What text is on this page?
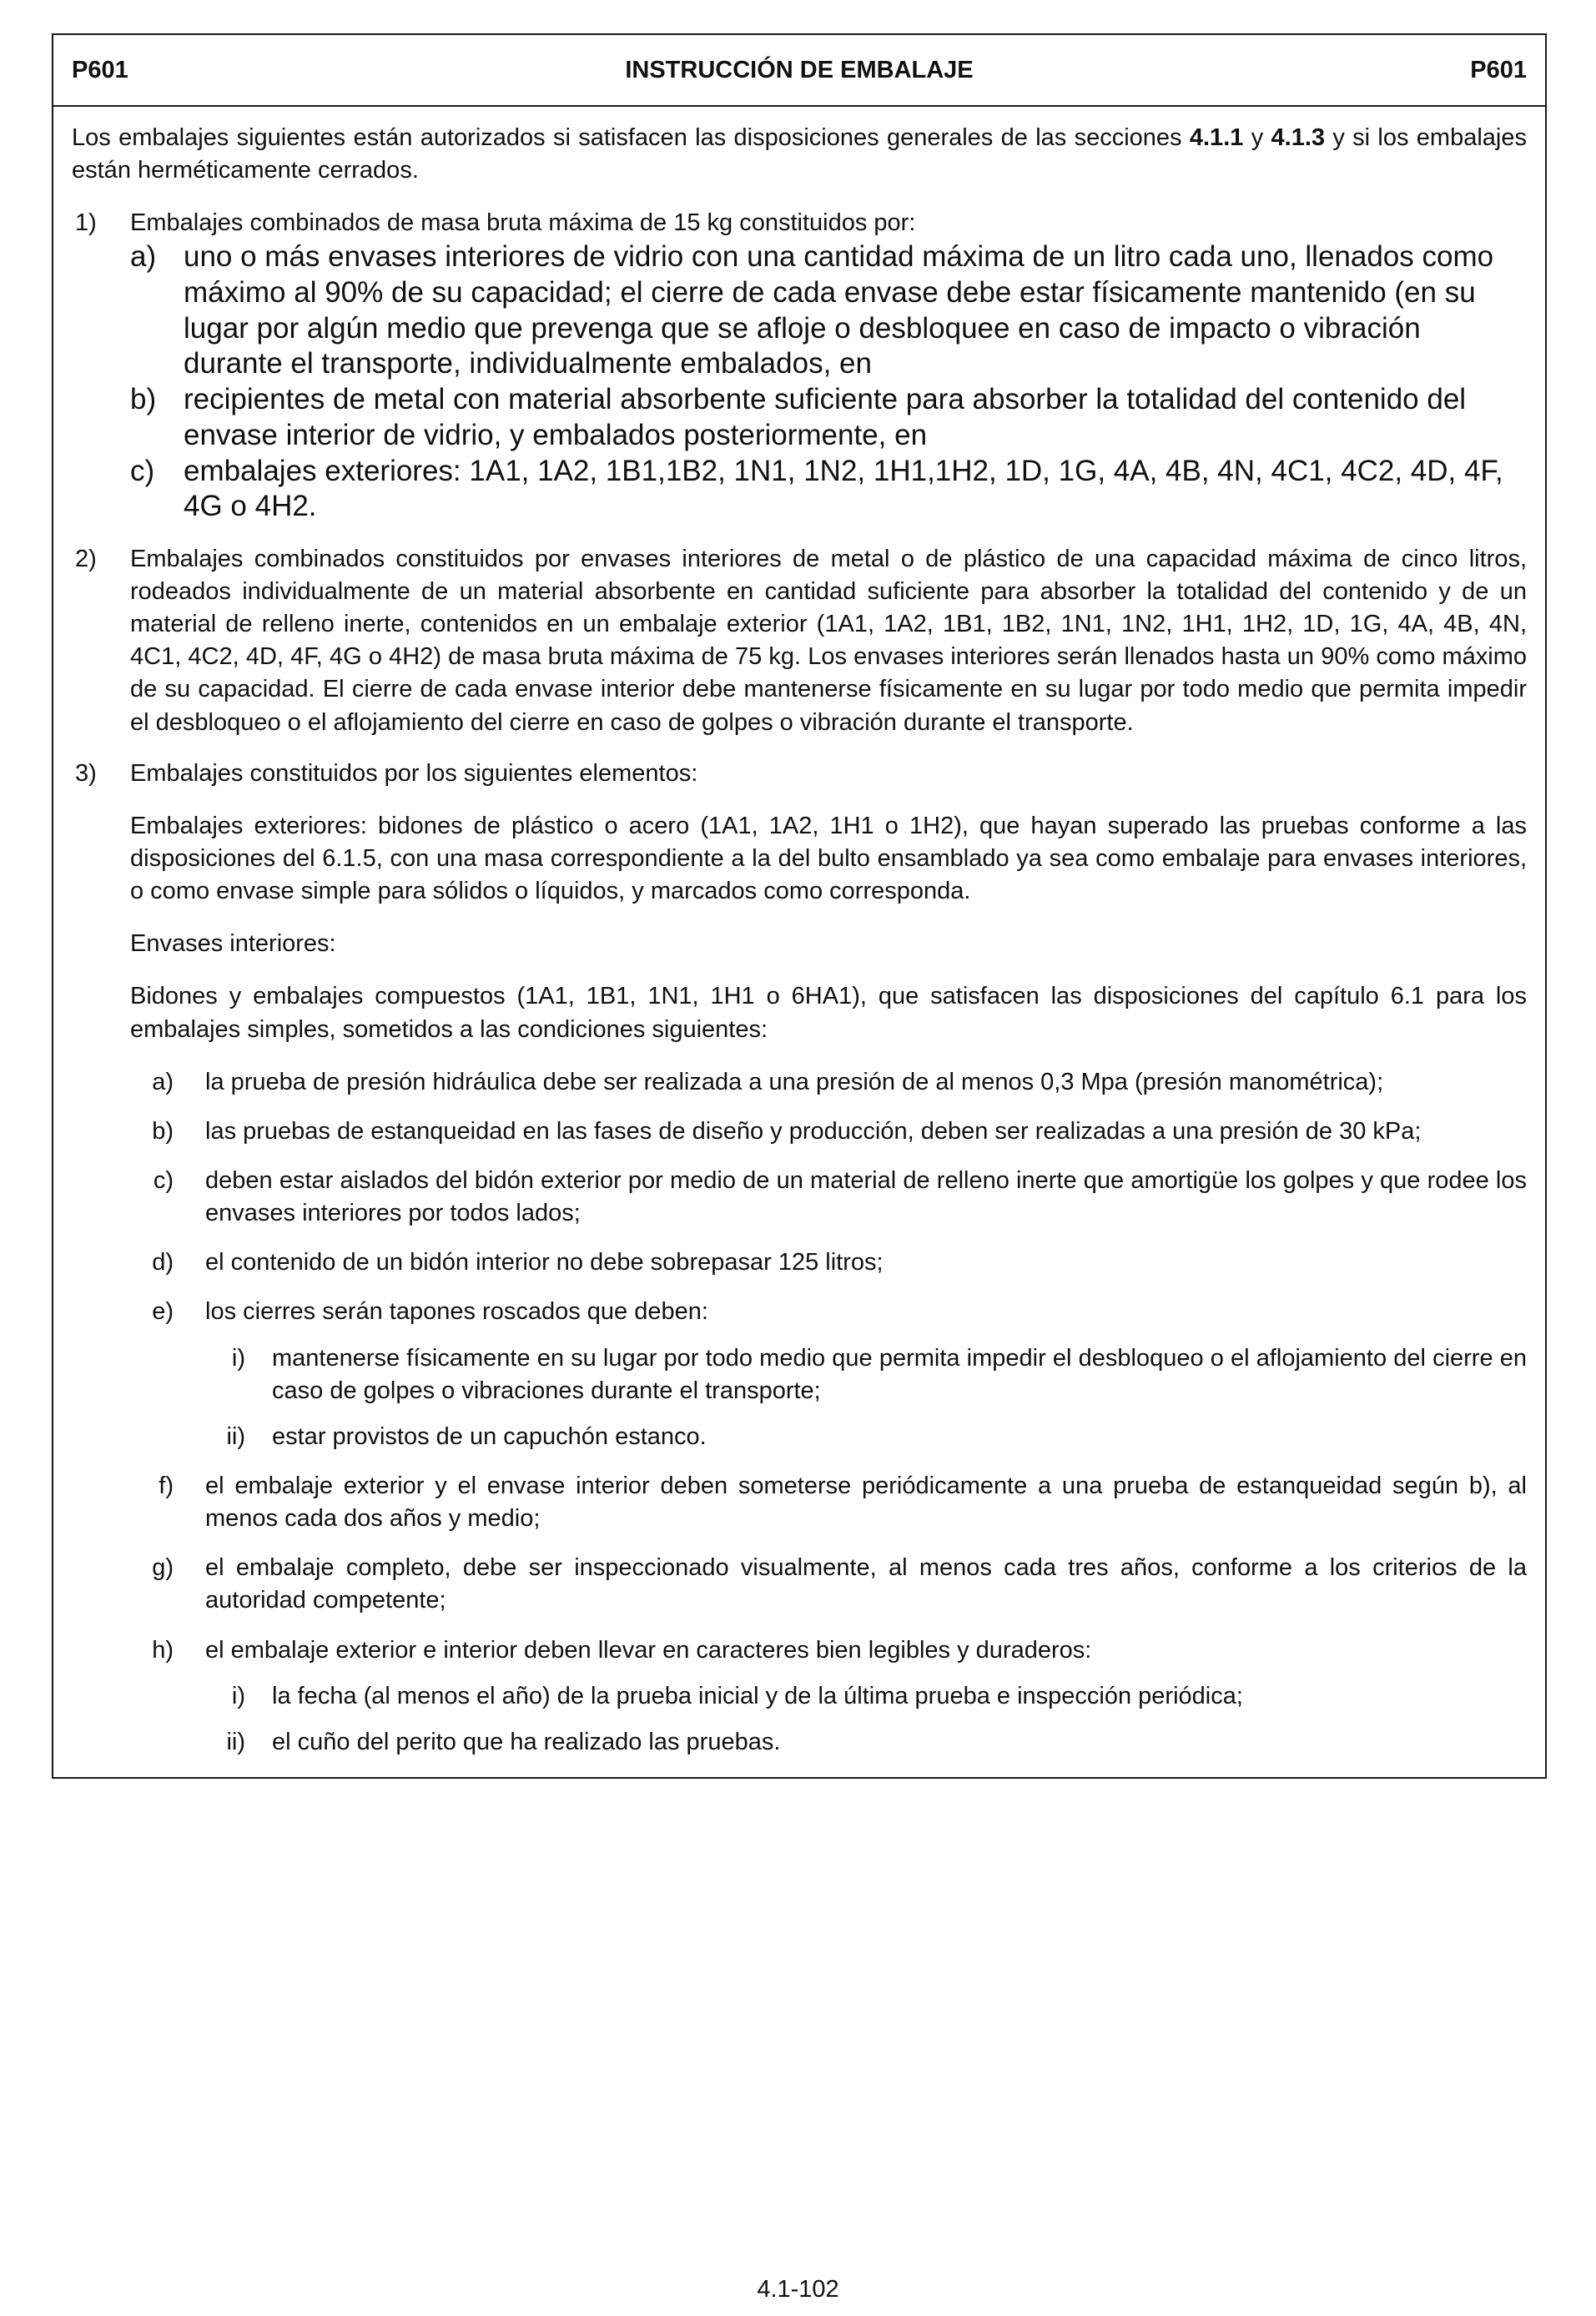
P601	INSTRUCCIÓN DE EMBALAJE	P601

Los embalajes siguientes están autorizados si satisfacen las disposiciones generales de las secciones 4.1.1 y 4.1.3 y si los embalajes están herméticamente cerrados.

1) Embalajes combinados de masa bruta máxima de 15 kg constituidos por:
a) uno o más envases interiores de vidrio con una cantidad máxima de un litro cada uno, llenados como máximo al 90% de su capacidad; el cierre de cada envase debe estar físicamente mantenido (en su lugar por algún medio que prevenga que se afloje o desbloquee en caso de impacto o vibración durante el transporte, individualmente embalados, en
b) recipientes de metal con material absorbente suficiente para absorber la totalidad del contenido del envase interior de vidrio, y embalados posteriormente, en
c) embalajes exteriores: 1A1, 1A2, 1B1,1B2, 1N1, 1N2, 1H1,1H2, 1D, 1G, 4A, 4B, 4N, 4C1, 4C2, 4D, 4F, 4G o 4H2.
2) Embalajes combinados constituidos por envases interiores de metal o de plástico de una capacidad máxima de cinco litros, rodeados individualmente de un material absorbente en cantidad suficiente para absorber la totalidad del contenido y de un material de relleno inerte, contenidos en un embalaje exterior (1A1, 1A2, 1B1, 1B2, 1N1, 1N2, 1H1, 1H2, 1D, 1G, 4A, 4B, 4N, 4C1, 4C2, 4D, 4F, 4G o 4H2) de masa bruta máxima de 75 kg. Los envases interiores serán llenados hasta un 90% como máximo de su capacidad. El cierre de cada envase interior debe mantenerse físicamente en su lugar por todo medio que permita impedir el desbloqueo o el aflojamiento del cierre en caso de golpes o vibración durante el transporte.
3) Embalajes constituidos por los siguientes elementos:

Embalajes exteriores: bidones de plástico o acero (1A1, 1A2, 1H1 o 1H2), que hayan superado las pruebas conforme a las disposiciones del 6.1.5, con una masa correspondiente a la del bulto ensamblado ya sea como embalaje para envases interiores, o como envase simple para sólidos o líquidos, y marcados como corresponda.

Envases interiores:

Bidones y embalajes compuestos (1A1, 1B1, 1N1, 1H1 o 6HA1), que satisfacen las disposiciones del capítulo 6.1 para los embalajes simples, sometidos a las condiciones siguientes:

a) la prueba de presión hidráulica debe ser realizada a una presión de al menos 0,3 Mpa (presión manométrica);
b) las pruebas de estanqueidad en las fases de diseño y producción, deben ser realizadas a una presión de 30 kPa;
c) deben estar aislados del bidón exterior por medio de un material de relleno inerte que amortigüe los golpes y que rodee los envases interiores por todos lados;
d) el contenido de un bidón interior no debe sobrepasar 125 litros;
e) los cierres serán tapones roscados que deben:
i) mantenerse físicamente en su lugar por todo medio que permita impedir el desbloqueo o el aflojamiento del cierre en caso de golpes o vibraciones durante el transporte;
ii) estar provistos de un capuchón estanco.
f) el embalaje exterior y el envase interior deben someterse periódicamente a una prueba de estanqueidad según b), al menos cada dos años y medio;
g) el embalaje completo, debe ser inspeccionado visualmente, al menos cada tres años, conforme a los criterios de la autoridad competente;
h) el embalaje exterior e interior deben llevar en caracteres bien legibles y duraderos:
i) la fecha (al menos el año) de la prueba inicial y de la última prueba e inspección periódica;
ii) el cuño del perito que ha realizado las pruebas.
4.1-102
